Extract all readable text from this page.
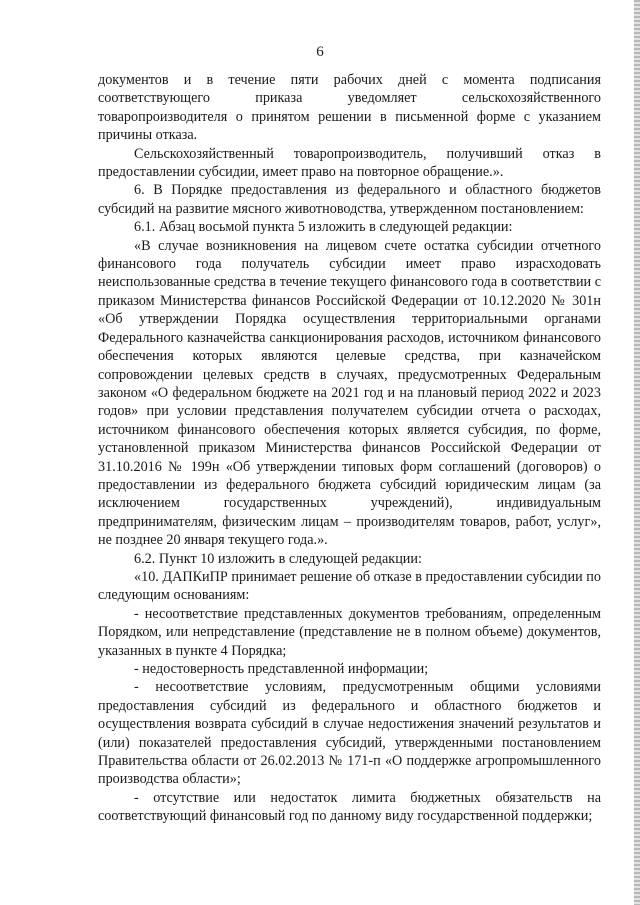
6

документов и в течение пяти рабочих дней с момента подписания соответствующего приказа уведомляет сельскохозяйственного товаропроизводителя о принятом решении в письменной форме с указанием причины отказа.

Сельскохозяйственный товаропроизводитель, получивший отказ в предоставлении субсидии, имеет право на повторное обращение.».

6. В Порядке предоставления из федерального и областного бюджетов субсидий на развитие мясного животноводства, утвержденном постановлением:

6.1. Абзац восьмой пункта 5 изложить в следующей редакции:

«В случае возникновения на лицевом счете остатка субсидии отчетного финансового года получатель субсидии имеет право израсходовать неиспользованные средства в течение текущего финансового года в соответствии с приказом Министерства финансов Российской Федерации от 10.12.2020 № 301н «Об утверждении Порядка осуществления территориальными органами Федерального казначейства санкционирования расходов, источником финансового обеспечения которых являются целевые средства, при казначейском сопровождении целевых средств в случаях, предусмотренных Федеральным законом «О федеральном бюджете на 2021 год и на плановый период 2022 и 2023 годов» при условии представления получателем субсидии отчета о расходах, источником финансового обеспечения которых является субсидия, по форме, установленной приказом Министерства финансов Российской Федерации от 31.10.2016 № 199н «Об утверждении типовых форм соглашений (договоров) о предоставлении из федерального бюджета субсидий юридическим лицам (за исключением государственных учреждений), индивидуальным предпринимателям, физическим лицам – производителям товаров, работ, услуг», не позднее 20 января текущего года.».

6.2. Пункт 10 изложить в следующей редакции:

«10. ДАПКиПР принимает решение об отказе в предоставлении субсидии по следующим основаниям:

- несоответствие представленных документов требованиям, определенным Порядком, или непредставление (представление не в полном объеме) документов, указанных в пункте 4 Порядка;

- недостоверность представленной информации;

- несоответствие условиям, предусмотренным общими условиями предоставления субсидий из федерального и областного бюджетов и осуществления возврата субсидий в случае недостижения значений результатов и (или) показателей предоставления субсидий, утвержденными постановлением Правительства области от 26.02.2013 № 171-п «О поддержке агропромышленного производства области»;

- отсутствие или недостаток лимита бюджетных обязательств на соответствующий финансовый год по данному виду государственной поддержки;
